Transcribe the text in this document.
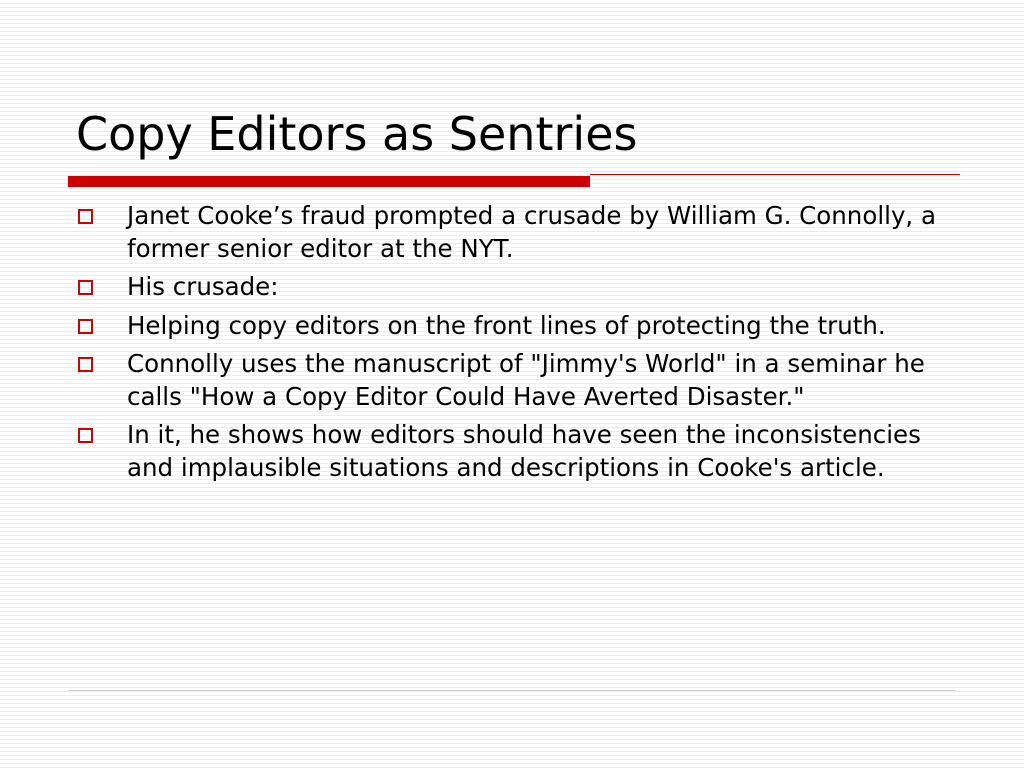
Copy Editors as Sentries
Janet Cooke’s fraud prompted a crusade by William G. Connolly, a former senior editor at the NYT.
His crusade:
Helping copy editors on the front lines of protecting the truth.
Connolly uses the manuscript of "Jimmy's World" in a seminar he calls "How a Copy Editor Could Have Averted Disaster."
In it, he shows how editors should have seen the inconsistencies and implausible situations and descriptions in Cooke's article.
